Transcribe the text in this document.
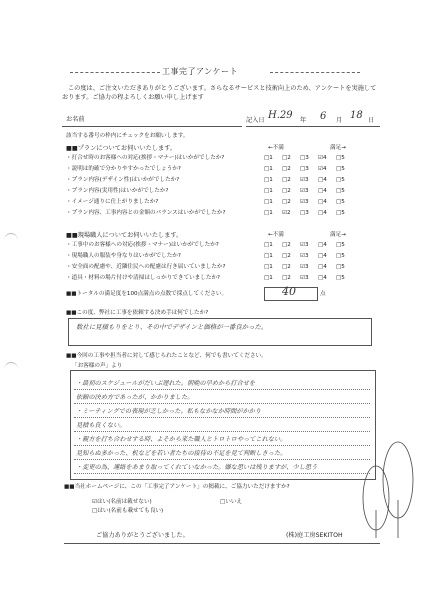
工事完了アンケート
この度は、ご注文いただきありがとうございます。さらなるサービスと技術向上のため、アンケートを実施して
おります。ご協力の程よろしくお願い申し上げます
お名前	記入日 H.29 年 6 月 18 日
該当する番号の枠内にチェックをお願いします。
■■プランについてお伺いいたします。	←不満	満足→
・打合せ時のお客様への対応(挨拶・マナー)はいかがでしたか?	□1 □2 □3 ☑4 □5
・説明は的確で分かりやすかったでしょうか?	□1 □2 □3 ☑4 □5
・プラン内容(デザイン性)はいかがでしたか?	□1 □2 ☑3 □4 □5
・プラン内容(実用性)はいかがでしたか?	□1 □2 ☑3 □4 □5
・イメージ通りに仕上がりましたか?	□1 □2 ☑3 □4 □5
・プラン内容、工事内容との金額のバランスはいかがでしたか?	□1 ☑2 □3 □4 □5
■■現場職人についてお伺いいたします。	←不満	満足→
・工事中のお客様への対応(挨拶・マナー)はいかがでしたか?	□1 □2 ☑3 □4 □5
・現場職人の服装や身なりはいかがでしたか?	□1 □2 ☑3 □4 □5
・安全面の配慮や、近隣住民への配慮は行き届いていましたか?	□1 □2 ☑3 □4 □5
・道具・材料の場片付けや清掃はしっかりできていましたか?	□1 □2 ☑3 □4 □5
■■トータルの満足度を100点満点の点数で採点してください。	40	点
■■この度、弊社に工事を依頼する決め手は何でしたか?
数社に見積もりをとり、その中でデザインと価格が一番良かった。
■■今回の工事や担当者に対して感じられたことなど、何でも書いてください。
「お客様の声」より
・最初のスケジュールがだいぶ遅れた。朝晩の早めから打合せを
依頼の決め方であったが、かかりました。
・ミーティングでの表現が乏しかった。私もなかなか時間がかかり
見積も良くない。
・親方を打ち合わせする時、よそから来た職人とトロトロやってこれない。
見知らぬ多かった、机などを若い者たちの接待の不足を見て判断しきった。
・変更の為、連絡をあまり取ってくれていなかった。嫌な思いは残りますが、少し思う
■■当社ホームページに、この「工事完了アンケート」の掲載に、ご協力いただけますか?
☑はい(名前は載せない)
□はい(名前も載せても良い)
□いいえ
ご協力ありがとうございました。	(株)庭工房SEKITOH
